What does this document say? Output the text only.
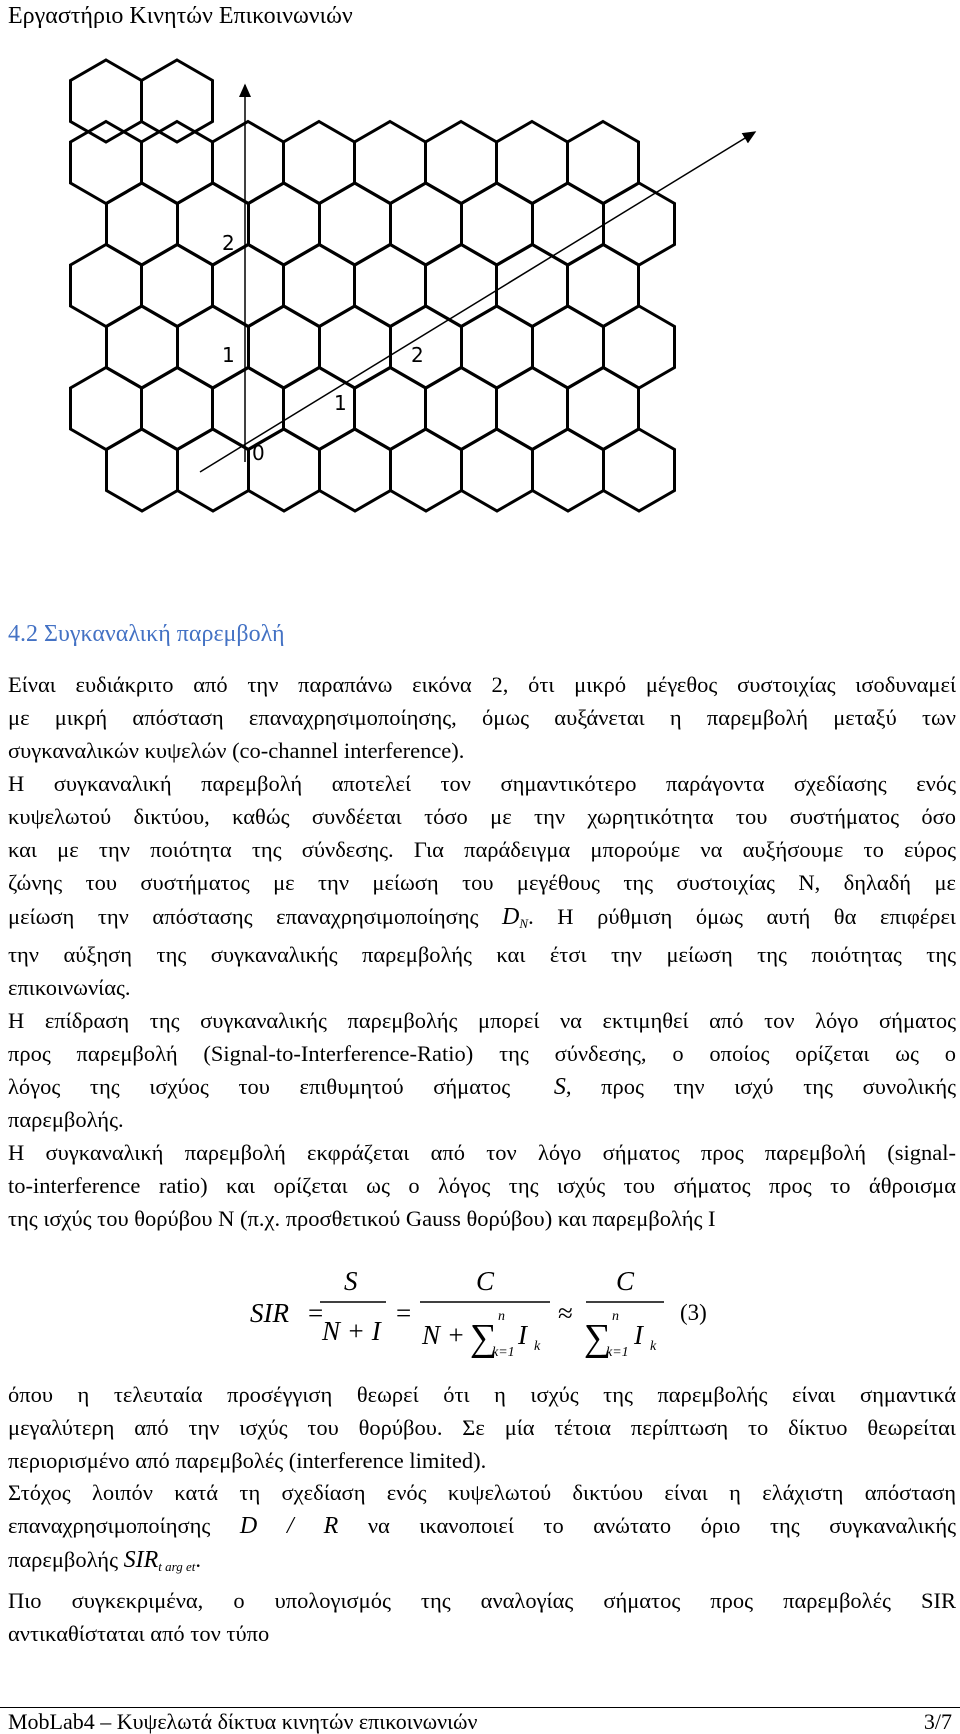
Εργαστήριο Κινητών Επικοινωνιών
0
1
2
1
2
4.2 Συγκαναλική παρεμβολή
Είναι ευδιάκριτο από την παραπάνω εικόνα 2, ότι μικρό μέγεθος συστοιχίας ισοδυναμεί
με μικρή απόσταση επαναχρησιμοποίησης, όμως αυξάνεται η παρεμβολή μεταξύ των
συγκαναλικών κυψελών (co-channel interference).
Η συγκαναλική παρεμβολή αποτελεί τον σημαντικότερο παράγοντα σχεδίασης ενός
κυψελωτού δικτύου, καθώς συνδέεται τόσο με την χωρητικότητα του συστήματος όσο
και με την ποιότητα της σύνδεσης. Για παράδειγμα μπορούμε να αυξήσουμε το εύρος
ζώνης του συστήματος με την μείωση του μεγέθους της συστοιχίας Ν, δηλαδή με
μείωση την απόστασης επαναχρησιμοποίησης $D_N$. Η ρύθμιση όμως αυτή θα επιφέρει
την αύξηση της συγκαναλικής παρεμβολής και έτσι την μείωση της ποιότητας της
επικοινωνίας.
Η επίδραση της συγκαναλικής παρεμβολής μπορεί να εκτιμηθεί από τον λόγο σήματος
προς παρεμβολή (Signal-to-Interference-Ratio) της σύνδεσης, ο οποίος ορίζεται ως ο
λόγος της ισχύος του επιθυμητού σήματος S, προς την ισχύ της συνολικής
παρεμβολής.
Η συγκαναλική παρεμβολή εκφράζεται από τον λόγο σήματος προς παρεμβολή (signal-
to-interference ratio) και ορίζεται ως ο λόγος της ισχύς του σήματος προς το άθροισμα
της ισχύς του θορύβου Ν (π.χ. προσθετικού Gauss θορύβου) και παρεμβολής Ι
SIR =
S
N + I
=
C
N + ∑
n
k=1
I k
≈
C
∑
n
k=1
I k
(3)
όπου η τελευταία προσέγγιση θεωρεί ότι η ισχύς της παρεμβολής είναι σημαντικά
μεγαλύτερη από την ισχύς του θορύβου. Σε μία τέτοια περίπτωση το δίκτυο θεωρείται
περιορισμένο από παρεμβολές (interference limited).
Στόχος λοιπόν κατά τη σχεδίαση ενός κυψελωτού δικτύου είναι η ελάχιστη απόσταση
επαναχρησιμοποίησης D / R να ικανοποιεί το ανώτατο όριο της συγκαναλικής
παρεμβολής $SIR_{t arg et}$.
Πιο συγκεκριμένα, ο υπολογισμός της αναλογίας σήματος προς παρεμβολές SIR
αντικαθίσταται από τον τύπο
MobLab4 – Κυψελωτά δίκτυα κινητών επικοινωνιών	3/7
